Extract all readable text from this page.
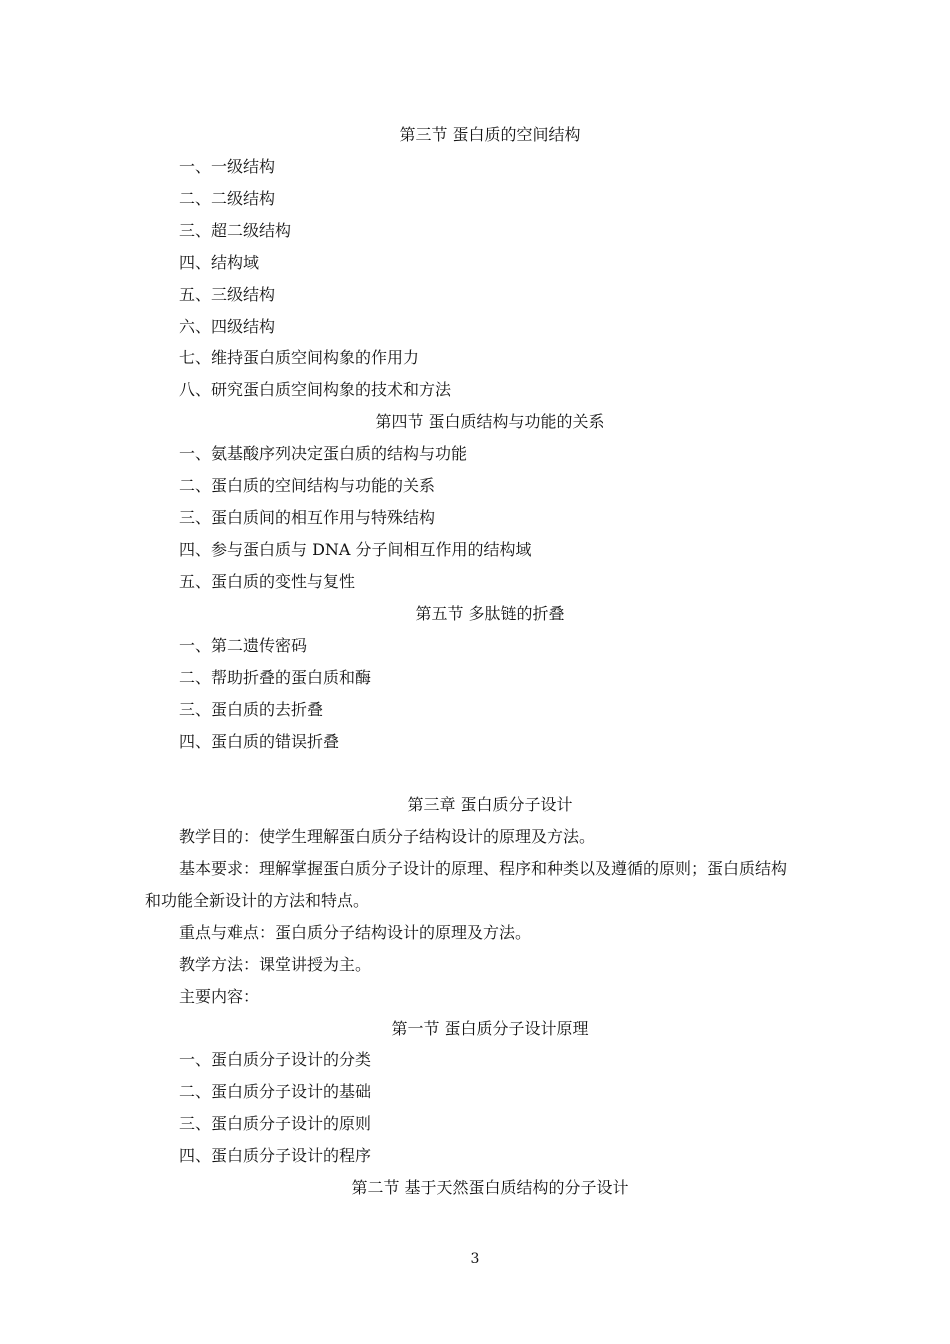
第三节 蛋白质的空间结构
一、一级结构
二、二级结构
三、超二级结构
四、结构域
五、三级结构
六、四级结构
七、维持蛋白质空间构象的作用力
八、研究蛋白质空间构象的技术和方法
第四节 蛋白质结构与功能的关系
一、氨基酸序列决定蛋白质的结构与功能
二、蛋白质的空间结构与功能的关系
三、蛋白质间的相互作用与特殊结构
四、参与蛋白质与 DNA 分子间相互作用的结构域
五、蛋白质的变性与复性
第五节 多肽链的折叠
一、第二遗传密码
二、帮助折叠的蛋白质和酶
三、蛋白质的去折叠
四、蛋白质的错误折叠
第三章 蛋白质分子设计
教学目的：使学生理解蛋白质分子结构设计的原理及方法。
基本要求：理解掌握蛋白质分子设计的原理、程序和种类以及遵循的原则；蛋白质结构
和功能全新设计的方法和特点。
重点与难点：蛋白质分子结构设计的原理及方法。
教学方法：课堂讲授为主。
主要内容：
第一节 蛋白质分子设计原理
一、蛋白质分子设计的分类
二、蛋白质分子设计的基础
三、蛋白质分子设计的原则
四、蛋白质分子设计的程序
第二节 基于天然蛋白质结构的分子设计
3
